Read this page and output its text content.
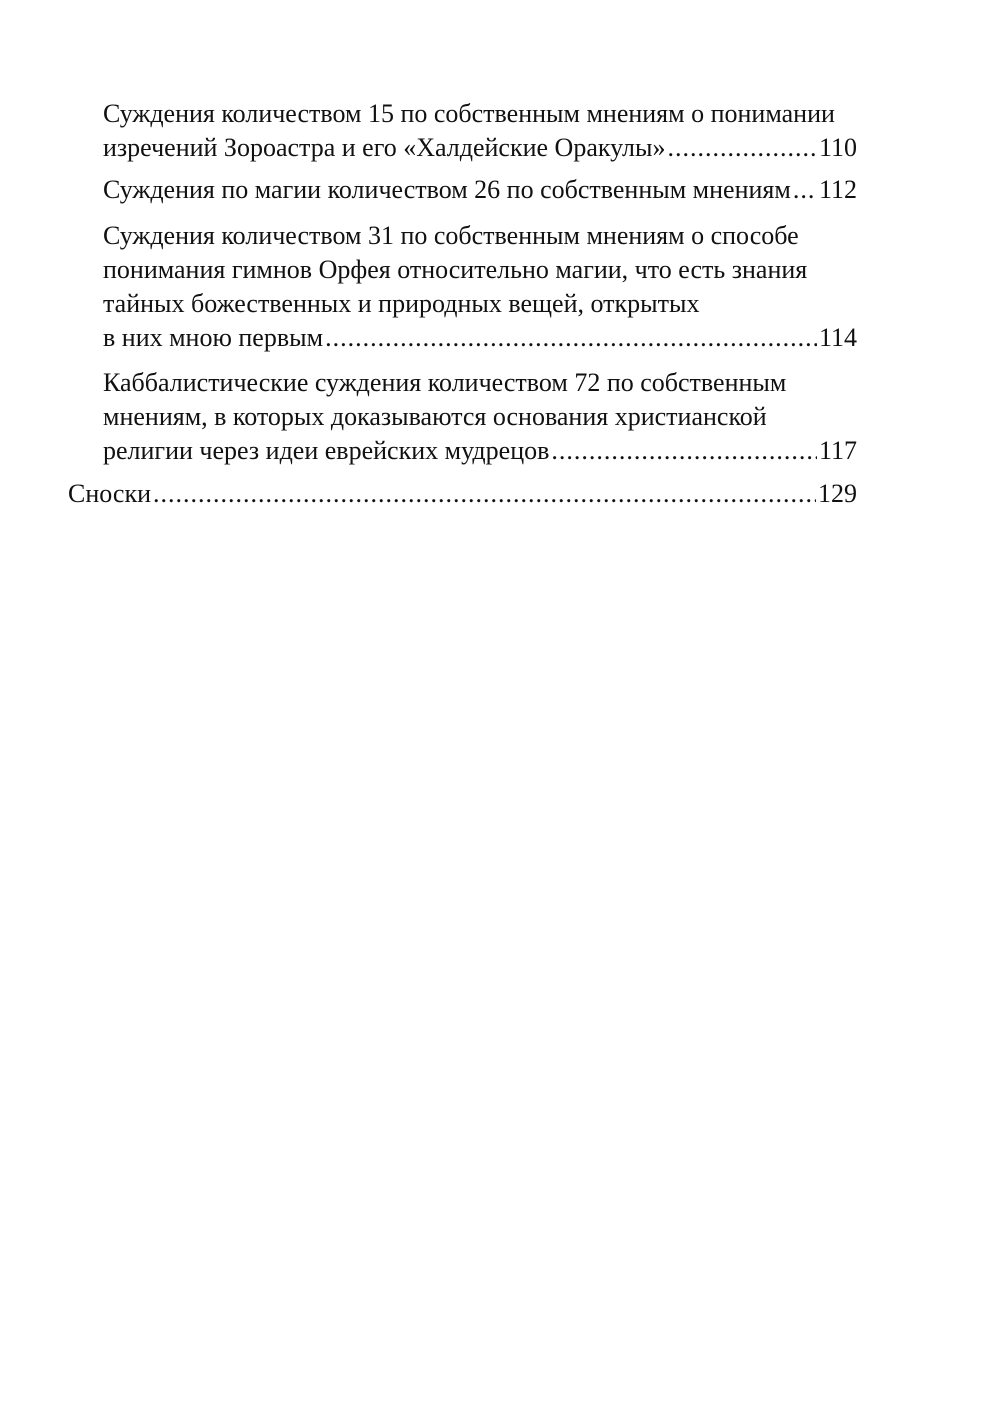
Суждения количеством 15 по собственным мнениям о понимании
изречений Зороастра и его «Халдейские Оракулы» .....	110
Суждения по магии количеством 26 по собственным мнениям ..... 112
Суждения количеством 31 по собственным мнениям о способе
понимания гимнов Орфея относительно магии, что есть знания
тайных божественных и природных вещей, открытых
в них мною первым .....	114
Каббалистические суждения количеством 72 по собственным
мнениям, в которых доказываются основания христианской
религии через идеи еврейских мудрецов .....	117
Сноски .....	129
